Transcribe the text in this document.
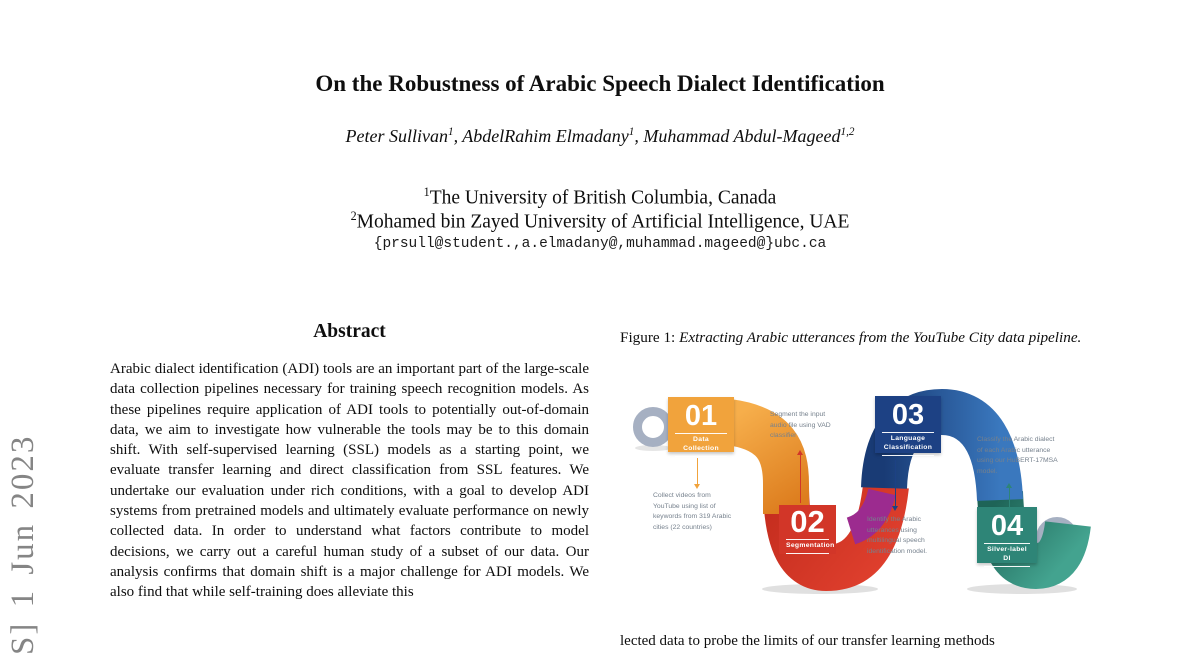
S] 1 Jun 2023
On the Robustness of Arabic Speech Dialect Identification
Peter Sullivan$^1$, AbdelRahim Elmadany$^1$, Muhammad Abdul-Mageed$^{1,2}$
$^1$The University of British Columbia, Canada
$^2$Mohamed bin Zayed University of Artificial Intelligence, UAE
{prsull@student.,a.elmadany@,muhammad.mageed@}ubc.ca
Abstract
Arabic dialect identification (ADI) tools are an important part of the large-scale data collection pipelines necessary for training speech recognition models. As these pipelines require application of ADI tools to potentially out-of-domain data, we aim to investigate how vulnerable the tools may be to this domain shift. With self-supervised learning (SSL) models as a starting point, we evaluate transfer learning and direct classification from SSL features. We undertake our evaluation under rich conditions, with a goal to develop ADI systems from pretrained models and ultimately evaluate performance on newly collected data. In order to understand what factors contribute to model decisions, we carry out a careful human study of a subset of our data. Our analysis confirms that domain shift is a major challenge for ADI models. We also find that while self-training does alleviate this
Figure 1: Extracting Arabic utterances from the YouTube City data pipeline.
01
Data Collection
02
Segmentation
03
Language Classification
04
Silver-label DI
Collect videos from YouTube using list of keywords from 319 Arabic cities (22 countries)
Segment the input audio file using VAD classifier
Identify the Arabic utterances using multilingual speech identification model.
Classify the Arabic dialect of each Arabic utterance using our HuBERT-17MSA model.
lected data to probe the limits of our transfer learning methods
